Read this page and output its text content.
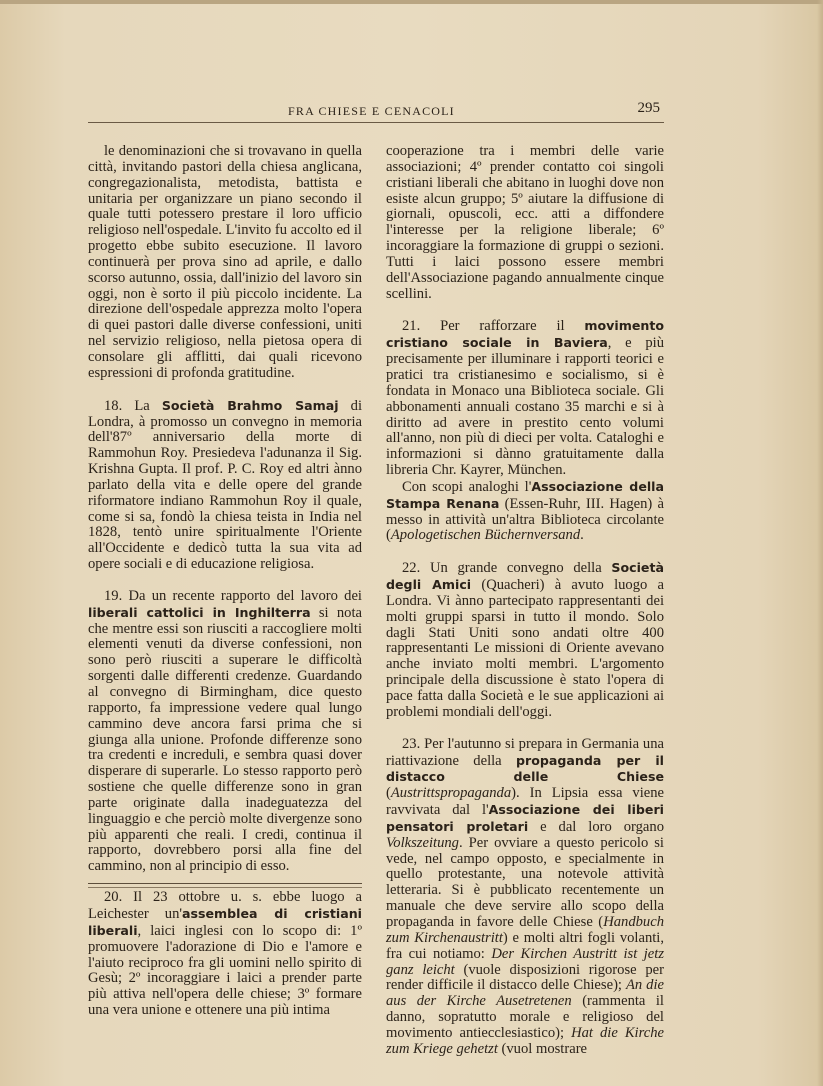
FRA CHIESE E CENACOLI	295

le denominazioni che si trovavano in quella città, invitando pastori della chiesa anglicana, congregazionalista, metodista, battista e unitaria per organizzare un piano secondo il quale tutti potessero prestare il loro ufficio religioso nell'ospedale. L'invito fu accolto ed il progetto ebbe subito esecuzione. Il lavoro continuerà per prova sino ad aprile, e dallo scorso autunno, ossia, dall'inizio del lavoro sin oggi, non è sorto il più piccolo incidente. La direzione dell'ospedale apprezza molto l'opera di quei pastori dalle diverse confessioni, uniti nel servizio religioso, nella pietosa opera di consolare gli afflitti, dai quali ricevono espressioni di profonda gratitudine.

18. La Società Brahmo Samaj di Londra, à promosso un convegno in memoria dell'87º anniversario della morte di Rammohun Roy. Presiedeva l'adunanza il Sig. Krishna Gupta. Il prof. P. C. Roy ed altri ànno parlato della vita e delle opere del grande riformatore indiano Rammohun Roy il quale, come si sa, fondò la chiesa teista in India nel 1828, tentò unire spiritualmente l'Oriente all'Occidente e dedicò tutta la sua vita ad opere sociali e di educazione religiosa.

19. Da un recente rapporto del lavoro dei liberali cattolici in Inghilterra si nota che mentre essi son riusciti a raccogliere molti elementi venuti da diverse confessioni, non sono però riusciti a superare le difficoltà sorgenti dalle differenti credenze. Guardando al convegno di Birmingham, dice questo rapporto, fa impressione vedere qual lungo cammino deve ancora farsi prima che si giunga alla unione. Profonde differenze sono tra credenti e increduli, e sembra quasi dover disperare di superarle. Lo stesso rapporto però sostiene che quelle differenze sono in gran parte originate dalla inadeguatezza del linguaggio e che perciò molte divergenze sono più apparenti che reali. I credi, continua il rapporto, dovrebbero porsi alla fine del cammino, non al principio di esso.

20. Il 23 ottobre u. s. ebbe luogo a Leichester un'assemblea di cristiani liberali, laici inglesi con lo scopo di: 1º promuovere l'adorazione di Dio e l'amore e l'aiuto reciproco fra gli uomini nello spirito di Gesù; 2º incoraggiare i laici a prender parte più attiva nell'opera delle chiese; 3º formare una vera unione e ottenere una più intima

cooperazione tra i membri delle varie associazioni; 4º prender contatto coi singoli cristiani liberali che abitano in luoghi dove non esiste alcun gruppo; 5º aiutare la diffusione di giornali, opuscoli, ecc. atti a diffondere l'interesse per la religione liberale; 6º incoraggiare la formazione di gruppi o sezioni. Tutti i laici possono essere membri dell'Associazione pagando annualmente cinque scellini.

21. Per rafforzare il movimento cristiano sociale in Baviera, e più precisamente per illuminare i rapporti teorici e pratici tra cristianesimo e socialismo, si è fondata in Monaco una Biblioteca sociale. Gli abbonamenti annuali costano 35 marchi e si à diritto ad avere in prestito cento volumi all'anno, non più di dieci per volta. Cataloghi e informazioni si dànno gratuitamente dalla libreria Chr. Kayrer, München.

Con scopi analoghi l'Associazione della Stampa Renana (Essen-Ruhr, III. Hagen) à messo in attività un'altra Biblioteca circolante (Apologetischen Büchernversand.

22. Un grande convegno della Società degli Amici (Quacheri) à avuto luogo a Londra. Vi ànno partecipato rappresentanti dei molti gruppi sparsi in tutto il mondo. Solo dagli Stati Uniti sono andati oltre 400 rappresentanti Le missioni di Oriente avevano anche inviato molti membri. L'argomento principale della discussione è stato l'opera di pace fatta dalla Società e le sue applicazioni ai problemi mondiali dell'oggi.

23. Per l'autunno si prepara in Germania una riattivazione della propaganda per il distacco delle Chiese (Austrittspropaganda). In Lipsia essa viene ravvivata dal l'Associazione dei liberi pensatori proletari e dal loro organo Volkszeitung. Per ovviare a questo pericolo si vede, nel campo opposto, e specialmente in quello protestante, una notevole attività letteraria. Si è pubblicato recentemente un manuale che deve servire allo scopo della propaganda in favore delle Chiese (Handbuch zum Kirchenaustritt) e molti altri fogli volanti, fra cui notiamo: Der Kirchen Austritt ist jetz ganz leicht (vuole disposizioni rigorose per render difficile il distacco delle Chiese); An die aus der Kirche Ausetretenen (rammenta il danno, sopratutto morale e religioso del movimento antiecclesiastico); Hat die Kirche zum Kriege gehetzt (vuol mostrare
